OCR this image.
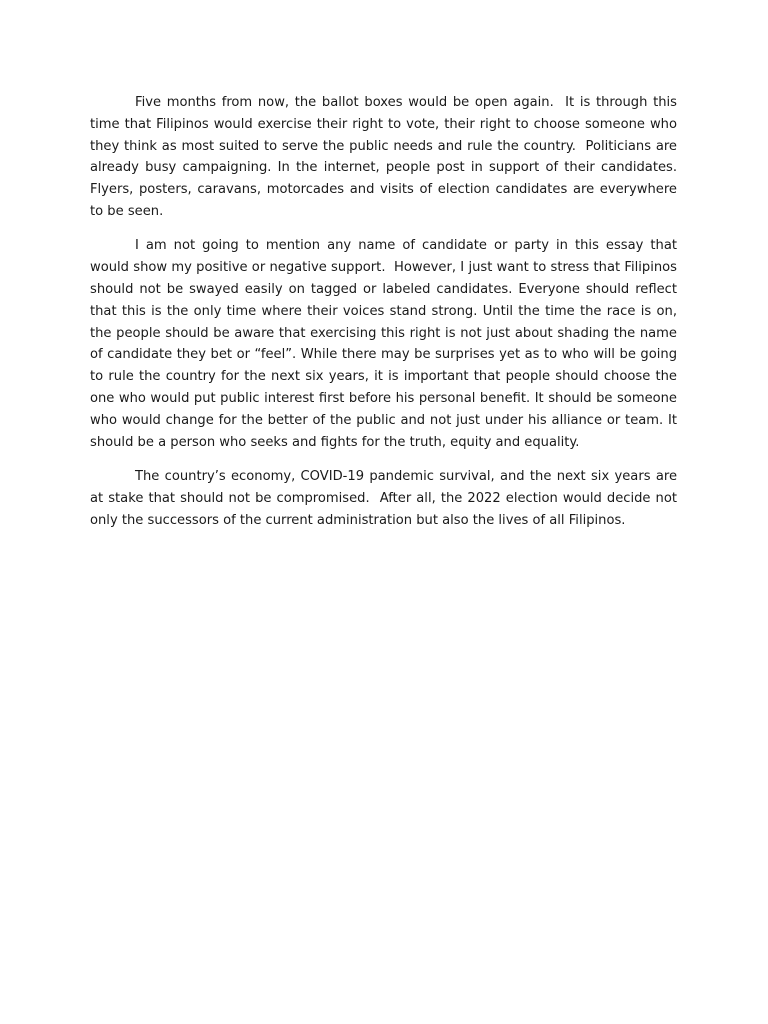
Five months from now, the ballot boxes would be open again.  It is through this time that Filipinos would exercise their right to vote, their right to choose someone who they think as most suited to serve the public needs and rule the country.  Politicians are already busy campaigning. In the internet, people post in support of their candidates. Flyers, posters, caravans, motorcades and visits of election candidates are everywhere to be seen.

I am not going to mention any name of candidate or party in this essay that would show my positive or negative support.  However, I just want to stress that Filipinos should not be swayed easily on tagged or labeled candidates. Everyone should reflect that this is the only time where their voices stand strong. Until the time the race is on, the people should be aware that exercising this right is not just about shading the name of candidate they bet or “feel”. While there may be surprises yet as to who will be going to rule the country for the next six years, it is important that people should choose the one who would put public interest first before his personal benefit. It should be someone who would change for the better of the public and not just under his alliance or team. It should be a person who seeks and fights for the truth, equity and equality.

The country’s economy, COVID-19 pandemic survival, and the next six years are at stake that should not be compromised.  After all, the 2022 election would decide not only the successors of the current administration but also the lives of all Filipinos.
